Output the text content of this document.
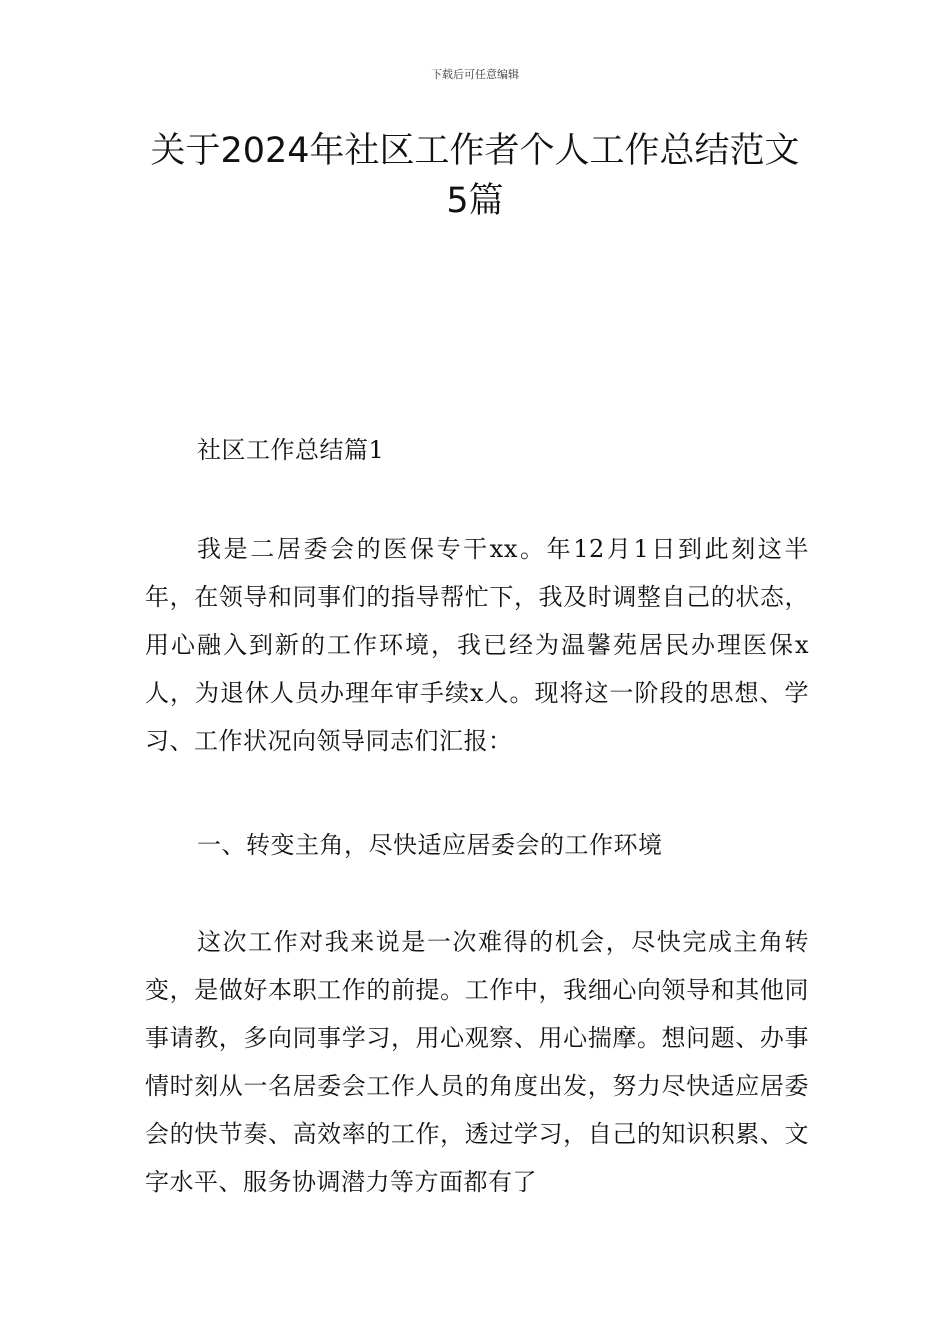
下载后可任意编辑
关于2024年社区工作者个人工作总结范文
5篇

社区工作总结篇1

我是二居委会的医保专干xx。年12月1日到此刻这半年，在领导和同事们的指导帮忙下，我及时调整自己的状态，用心融入到新的工作环境，我已经为温馨苑居民办理医保x人，为退休人员办理年审手续x人。现将这一阶段的思想、学习、工作状况向领导同志们汇报：

一、转变主角，尽快适应居委会的工作环境

这次工作对我来说是一次难得的机会，尽快完成主角转变，是做好本职工作的前提。工作中，我细心向领导和其他同事请教，多向同事学习，用心观察、用心揣摩。想问题、办事情时刻从一名居委会工作人员的角度出发，努力尽快适应居委会的快节奏、高效率的工作，透过学习，自己的知识积累、文字水平、服务协调潜力等方面都有了
